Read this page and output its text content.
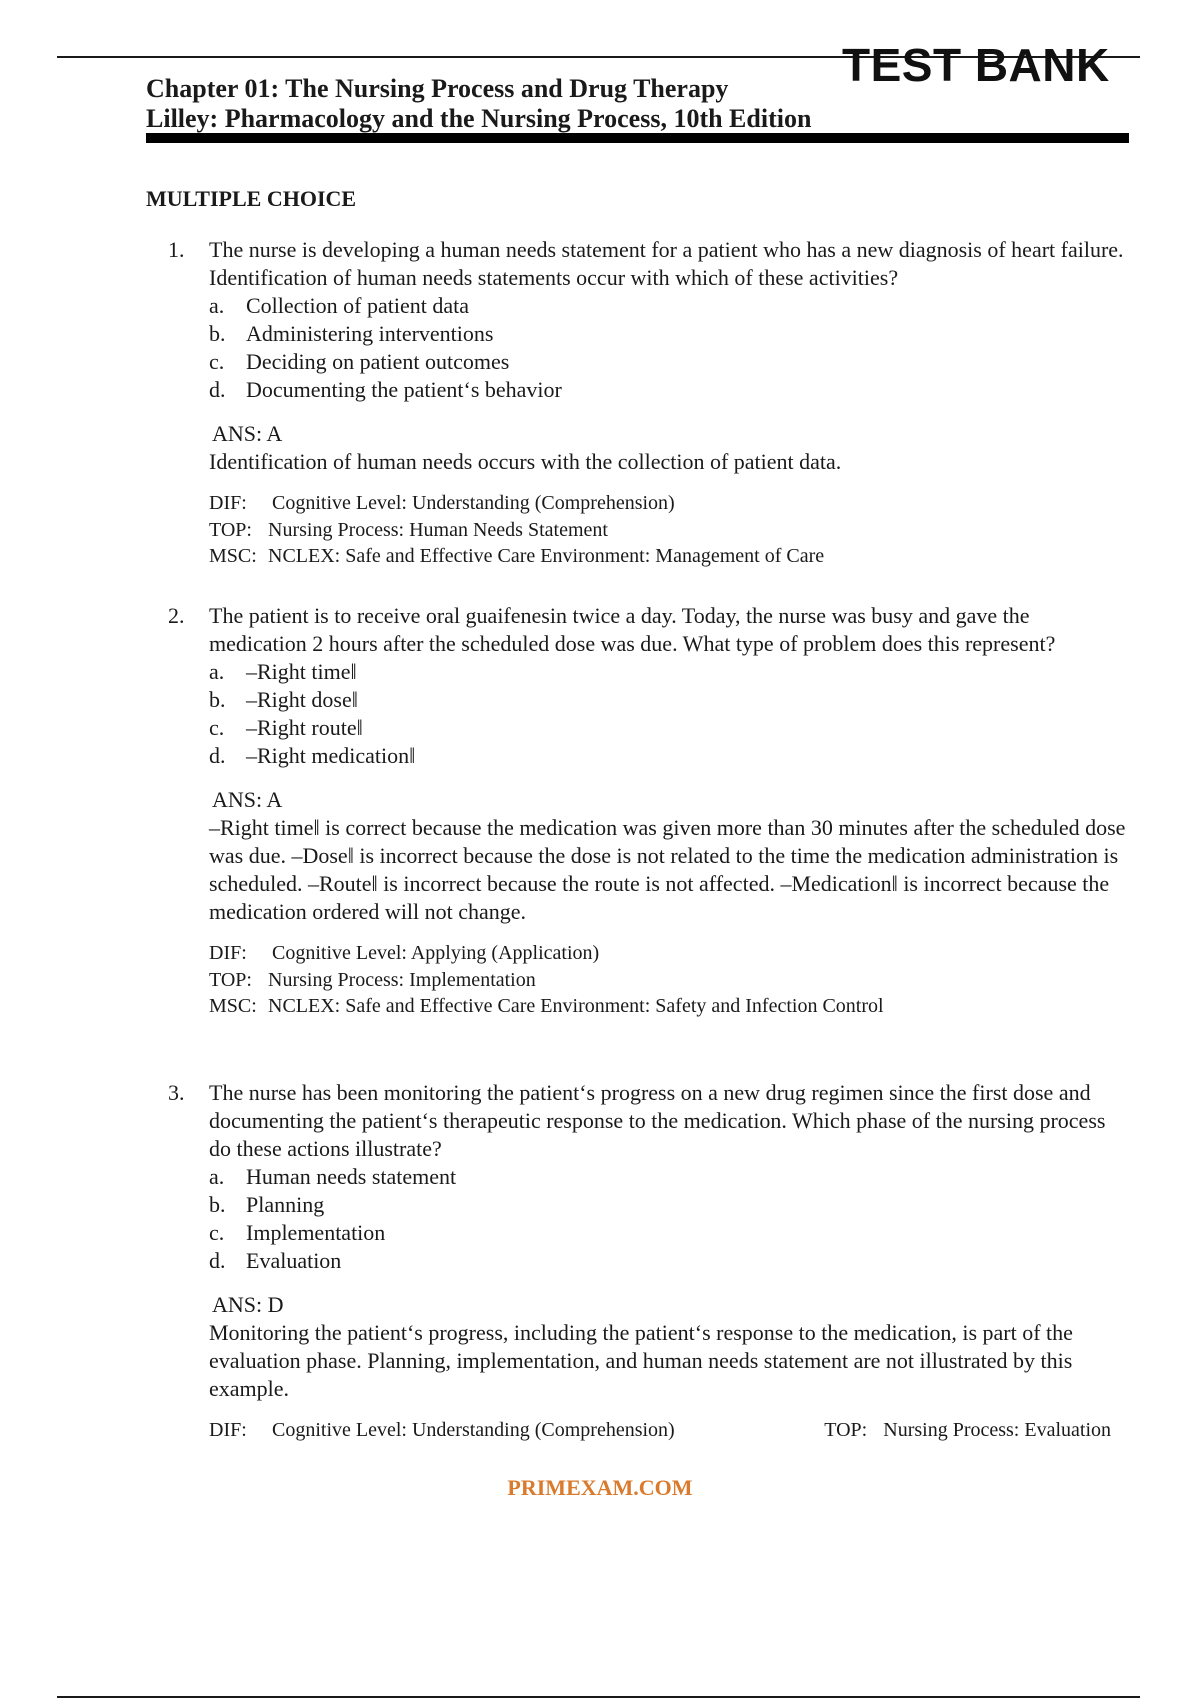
TEST BANK
Chapter 01: The Nursing Process and Drug Therapy
Lilley: Pharmacology and the Nursing Process, 10th Edition
MULTIPLE CHOICE
1.	The nurse is developing a human needs statement for a patient who has a new diagnosis of heart failure. Identification of human needs statements occur with which of these activities?
a. Collection of patient data
b. Administering interventions
c. Deciding on patient outcomes
d. Documenting the patient‘s behavior
ANS: A
Identification of human needs occurs with the collection of patient data.
DIF:	Cognitive Level: Understanding (Comprehension)
TOP: Nursing Process: Human Needs Statement
MSC: NCLEX: Safe and Effective Care Environment: Management of Care
2.	The patient is to receive oral guaifenesin twice a day. Today, the nurse was busy and gave the medication 2 hours after the scheduled dose was due. What type of problem does this represent?
a. –Right time‖
b. –Right dose‖
c. –Right route‖
d. –Right medication‖
ANS: A
–Right time‖ is correct because the medication was given more than 30 minutes after the scheduled dose was due. –Dose‖ is incorrect because the dose is not related to the time the medication administration is scheduled. –Route‖ is incorrect because the route is not affected. –Medication‖ is incorrect because the medication ordered will not change.
DIF:	Cognitive Level: Applying (Application)
TOP: Nursing Process: Implementation
MSC: NCLEX: Safe and Effective Care Environment: Safety and Infection Control
3.	The nurse has been monitoring the patient‘s progress on a new drug regimen since the first dose and documenting the patient‘s therapeutic response to the medication. Which phase of the nursing process do these actions illustrate?
a. Human needs statement
b. Planning
c. Implementation
d. Evaluation
ANS: D
Monitoring the patient‘s progress, including the patient‘s response to the medication, is part of the evaluation phase. Planning, implementation, and human needs statement are not illustrated by this example.
DIF:	Cognitive Level: Understanding (Comprehension)	TOP: Nursing Process: Evaluation
PRIMEXAM.COM
